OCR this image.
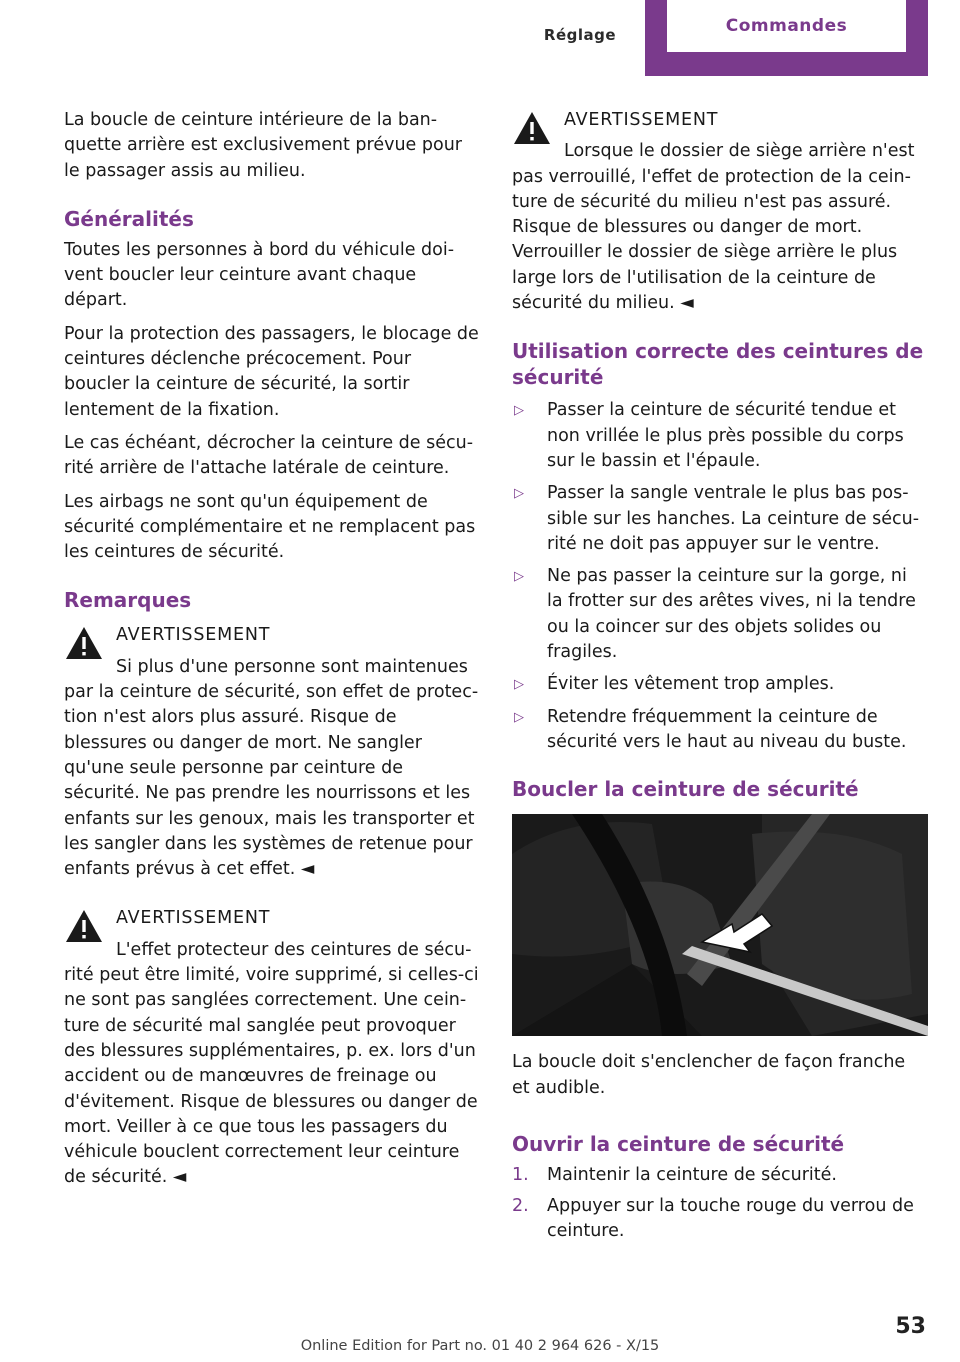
Réglage	Commandes

La boucle de ceinture intérieure de la banquette arrière est exclusivement prévue pour le passager assis au milieu.

Généralités

Toutes les personnes à bord du véhicule doivent boucler leur ceinture avant chaque départ.

Pour la protection des passagers, le blocage de ceintures déclenche précocement. Pour boucler la ceinture de sécurité, la sortir lentement de la fixation.

Le cas échéant, décrocher la ceinture de sécurité arrière de l'attache latérale de ceinture.

Les airbags ne sont qu'un équipement de sécurité complémentaire et ne remplacent pas les ceintures de sécurité.

Remarques
AVERTISSEMENT

Si plus d'une personne sont maintenues par la ceinture de sécurité, son effet de protection n'est alors plus assuré. Risque de blessures ou danger de mort. Ne sangler qu'une seule personne par ceinture de sécurité. Ne pas prendre les nourrissons et les enfants sur les genoux, mais les transporter et les sangler dans les systèmes de retenue pour enfants prévus à cet effet. ◄

AVERTISSEMENT

L'effet protecteur des ceintures de sécurité peut être limité, voire supprimé, si celles-ci ne sont pas sanglées correctement. Une ceinture de sécurité mal sanglée peut provoquer des blessures supplémentaires, p. ex. lors d'un accident ou de manœuvres de freinage ou d'évitement. Risque de blessures ou danger de mort. Veiller à ce que tous les passagers du véhicule bouclent correctement leur ceinture de sécurité. ◄

AVERTISSEMENT

Lorsque le dossier de siège arrière n'est pas verrouillé, l'effet de protection de la ceinture de sécurité du milieu n'est pas assuré. Risque de blessures ou danger de mort. Verrouiller le dossier de siège arrière le plus large lors de l'utilisation de la ceinture de sécurité du milieu. ◄

Utilisation correcte des ceintures de sécurité
▷ Passer la ceinture de sécurité tendue et non vrillée le plus près possible du corps sur le bassin et l'épaule.
▷ Passer la sangle ventrale le plus bas possible sur les hanches. La ceinture de sécurité ne doit pas appuyer sur le ventre.
▷ Ne pas passer la ceinture sur la gorge, ni la frotter sur des arêtes vives, ni la tendre ou la coincer sur des objets solides ou fragiles.
▷ Éviter les vêtement trop amples.
▷ Retendre fréquemment la ceinture de sécurité vers le haut au niveau du buste.
Boucler la ceinture de sécurité

La boucle doit s'enclencher de façon franche et audible.

Ouvrir la ceinture de sécurité
1. Maintenir la ceinture de sécurité.
2. Appuyer sur la touche rouge du verrou de ceinture.
53
Online Edition for Part no. 01 40 2 964 626 - X/15
